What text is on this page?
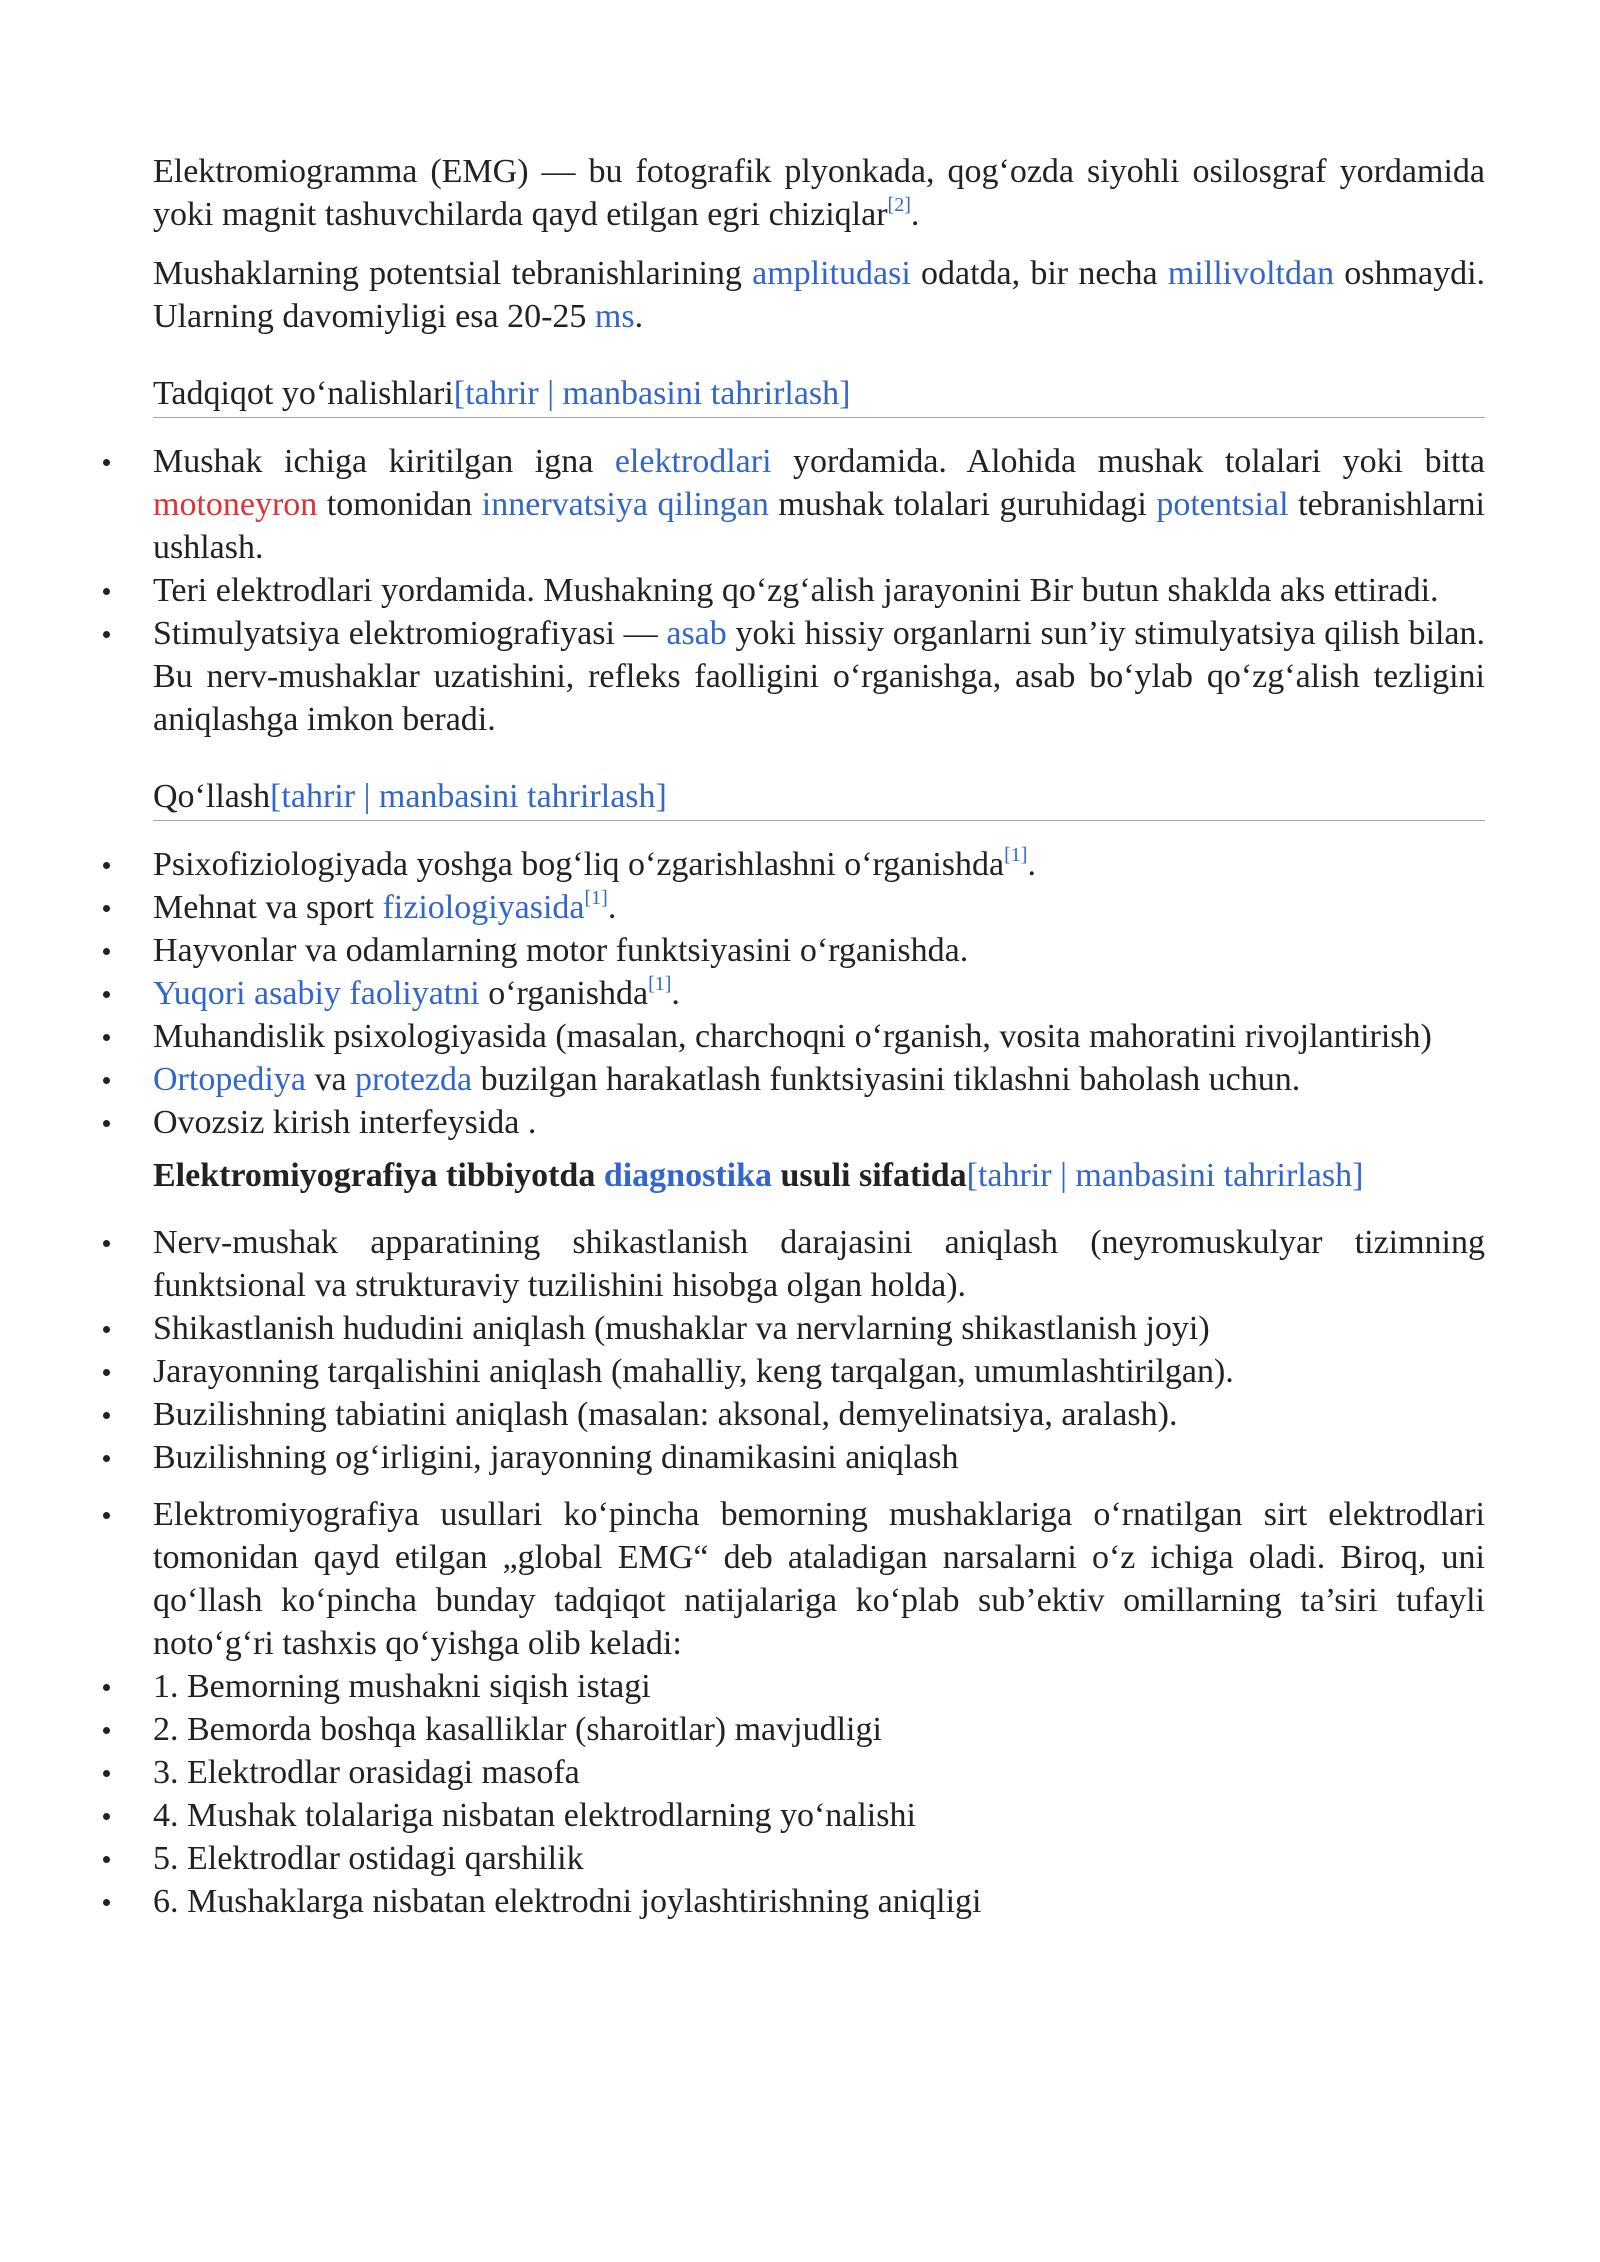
Elektromiogramma (EMG) — bu fotografik plyonkada, qog‘ozda siyohli osilosgraf yordamida yoki magnit tashuvchilarda qayd etilgan egri chiziqlar[2].

Mushaklarning potentsial tebranishlarining amplitudasi odatda, bir necha millivoltdan oshmaydi. Ularning davomiyligi esa 20-25 ms.

Tadqiqot yo‘nalishlari[tahrir | manbasini tahrirlash]
Mushak ichiga kiritilgan igna elektrodlari yordamida. Alohida mushak tolalari yoki bitta motoneyron tomonidan innervatsiya qilingan mushak tolalari guruhidagi potentsial tebranishlarni ushlash.
Teri elektrodlari yordamida. Mushakning qo‘zg‘alish jarayonini Bir butun shaklda aks ettiradi.
Stimulyatsiya elektromiografiyasi — asab yoki hissiy organlarni sun’iy stimulyatsiya qilish bilan. Bu nerv-mushaklar uzatishini, refleks faolligini o‘rganishga, asab bo‘ylab qo‘zg‘alish tezligini aniqlashga imkon beradi.
Qo‘llash[tahrir | manbasini tahrirlash]
Psixofiziologiyada yoshga bog‘liq o‘zgarishlashni o‘rganishda[1].
Mehnat va sport fiziologiyasida[1].
Hayvonlar va odamlarning motor funktsiyasini o‘rganishda.
Yuqori asabiy faoliyatni o‘rganishda[1].
Muhandislik psixologiyasida (masalan, charchoqni o‘rganish, vosita mahoratini rivojlantirish)
Ortopediya va protezda buzilgan harakatlash funktsiyasini tiklashni baholash uchun.
Ovozsiz kirish interfeysida .
Elektromiyografiya tibbiyotda diagnostika usuli sifatida[tahrir | manbasini tahrirlash]
Nerv-mushak apparatining shikastlanish darajasini aniqlash (neyromuskulyar tizimning funktsional va strukturaviy tuzilishini hisobga olgan holda).
Shikastlanish hududini aniqlash (mushaklar va nervlarning shikastlanish joyi)
Jarayonning tarqalishini aniqlash (mahalliy, keng tarqalgan, umumlashtirilgan).
Buzilishning tabiatini aniqlash (masalan: aksonal, demyelinatsiya, aralash).
Buzilishning og‘irligini, jarayonning dinamikasini aniqlash
Elektromiyografiya usullari ko‘pincha bemorning mushaklariga o‘rnatilgan sirt elektrodlari tomonidan qayd etilgan „global EMG“ deb ataladigan narsalarni o‘z ichiga oladi. Biroq, uni qo‘llash ko‘pincha bunday tadqiqot natijalariga ko‘plab sub’ektiv omillarning ta’siri tufayli noto‘g‘ri tashxis qo‘yishga olib keladi:
1. Bemorning mushakni siqish istagi
2. Bemorda boshqa kasalliklar (sharoitlar) mavjudligi
3. Elektrodlar orasidagi masofa
4. Mushak tolalariga nisbatan elektrodlarning yo‘nalishi
5. Elektrodlar ostidagi qarshilik
6. Mushaklarga nisbatan elektrodni joylashtirishning aniqligi
